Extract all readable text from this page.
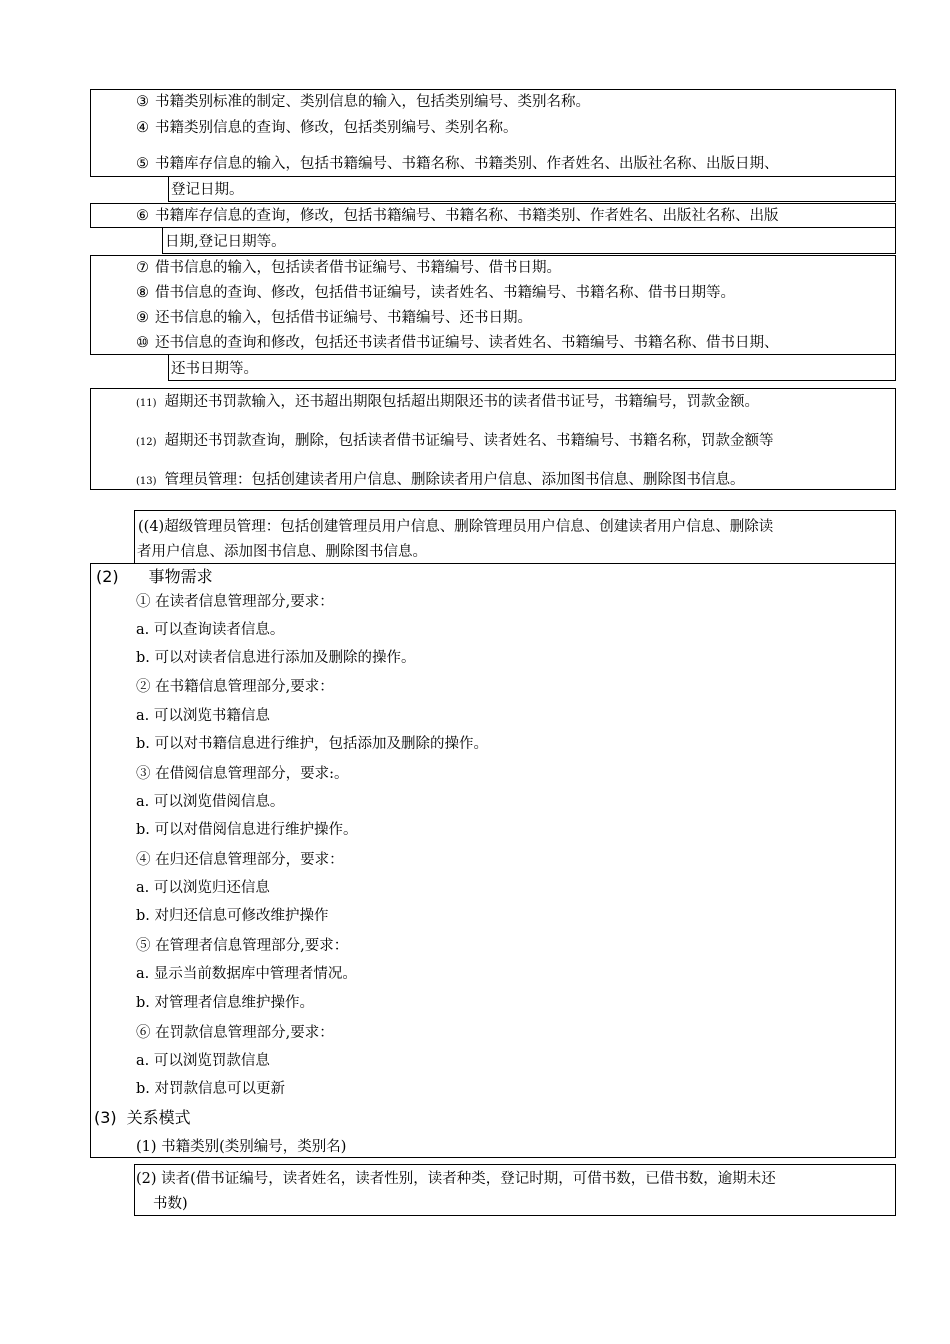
③ 书籍类别标准的制定、类别信息的输入，包括类别编号、类别名称。
④ 书籍类别信息的查询、修改，包括类别编号、类别名称。
⑤ 书籍库存信息的输入，包括书籍编号、书籍名称、书籍类别、作者姓名、出版社名称、出版日期、
登记日期。
⑥ 书籍库存信息的查询，修改，包括书籍编号、书籍名称、书籍类别、作者姓名、出版社名称、出版
日期,登记日期等。
⑦ 借书信息的输入，包括读者借书证编号、书籍编号、借书日期。
⑧ 借书信息的查询、修改，包括借书证编号，读者姓名、书籍编号、书籍名称、借书日期等。
⑨ 还书信息的输入，包括借书证编号、书籍编号、还书日期。
⑩ 还书信息的查询和修改，包括还书读者借书证编号、读者姓名、书籍编号、书籍名称、借书日期、
还书日期等。
(11) 超期还书罚款输入，还书超出期限包括超出期限还书的读者借书证号，书籍编号，罚款金额。
(12) 超期还书罚款查询，删除，包括读者借书证编号、读者姓名、书籍编号、书籍名称，罚款金额等
(13) 管理员管理：包括创建读者用户信息、删除读者用户信息、添加图书信息、删除图书信息。
((4)超级管理员管理：包括创建管理员用户信息、删除管理员用户信息、创建读者用户信息、删除读
者用户信息、添加图书信息、删除图书信息。
(2) 事物需求
① 在读者信息管理部分,要求：
a. 可以查询读者信息。
b. 可以对读者信息进行添加及删除的操作。
② 在书籍信息管理部分,要求：
a. 可以浏览书籍信息
b. 可以对书籍信息进行维护，包括添加及删除的操作。
③ 在借阅信息管理部分，要求:。
a. 可以浏览借阅信息。
b. 可以对借阅信息进行维护操作。
④ 在归还信息管理部分，要求：
a. 可以浏览归还信息
b. 对归还信息可修改维护操作
⑤ 在管理者信息管理部分,要求：
a. 显示当前数据库中管理者情况。
b. 对管理者信息维护操作。
⑥ 在罚款信息管理部分,要求：
a. 可以浏览罚款信息
b. 对罚款信息可以更新
(3) 关系模式
(1) 书籍类别(类别编号，类别名)
(2) 读者(借书证编号，读者姓名，读者性别，读者种类，登记时期，可借书数，已借书数，逾期未还
书数)
